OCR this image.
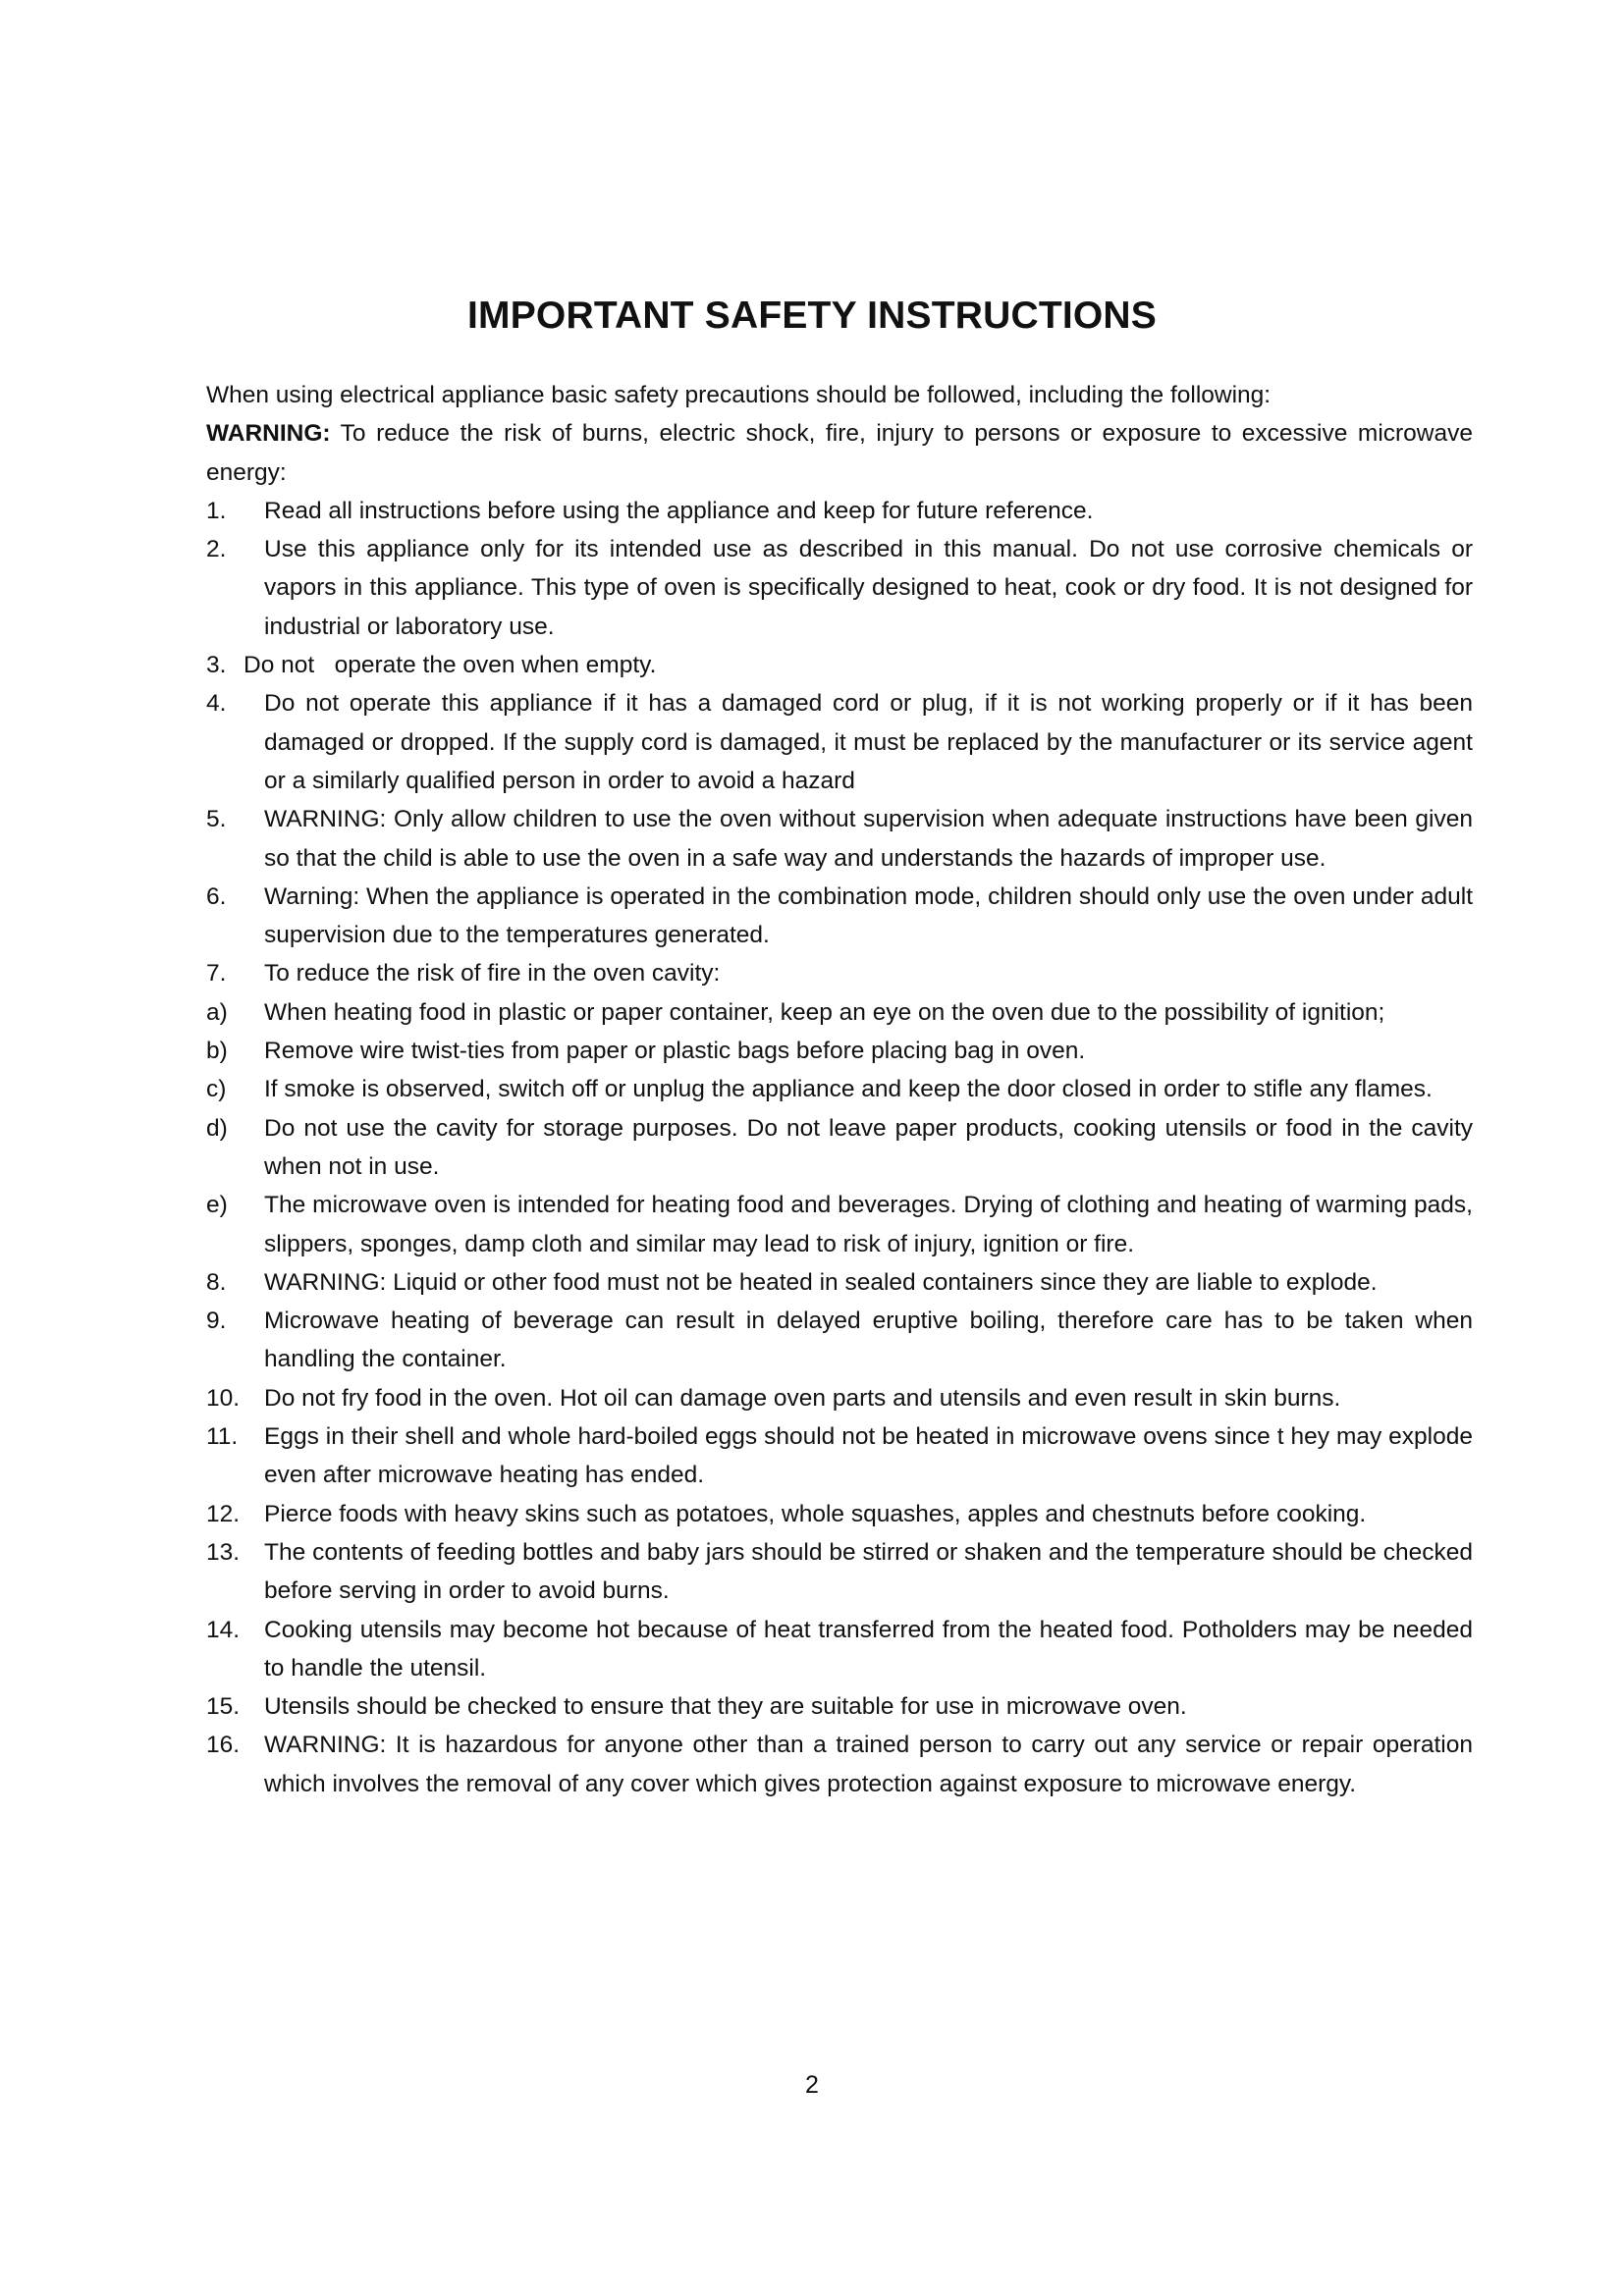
IMPORTANT SAFETY INSTRUCTIONS

When using electrical appliance basic safety precautions should be followed, including the following:

WARNING: To reduce the risk of burns, electric shock, fire, injury to persons or exposure to excessive microwave energy:

1. Read all instructions before using the appliance and keep for future reference.
2. Use this appliance only for its intended use as described in this manual. Do not use corrosive chemicals or vapors in this appliance. This type of oven is specifically designed to heat, cook or dry food. It is not designed for industrial or laboratory use.
3. Do not   operate the oven when empty.
4. Do not operate this appliance if it has a damaged cord or plug, if it is not working properly or if it has been damaged or dropped. If the supply cord is damaged, it must be replaced by the manufacturer or its service agent or a similarly qualified person in order to avoid a hazard
5. WARNING: Only allow children to use the oven without supervision when adequate instructions have been given so that the child is able to use the oven in a safe way and understands the hazards of improper use.
6. Warning: When the appliance is operated in the combination mode, children should only use the oven under adult supervision due to the temperatures generated.
7. To reduce the risk of fire in the oven cavity:
a) When heating food in plastic or paper container, keep an eye on the oven due to the possibility of ignition;
b) Remove wire twist-ties from paper or plastic bags before placing bag in oven.
c) If smoke is observed, switch off or unplug the appliance and keep the door closed in order to stifle any flames.
d) Do not use the cavity for storage purposes. Do not leave paper products, cooking utensils or food in the cavity when not in use.
e) The microwave oven is intended for heating food and beverages. Drying of clothing and heating of warming pads, slippers, sponges, damp cloth and similar may lead to risk of injury, ignition or fire.
8. WARNING: Liquid or other food must not be heated in sealed containers since they are liable to explode.
9. Microwave heating of beverage can result in delayed eruptive boiling, therefore care has to be taken when handling the container.
10. Do not fry food in the oven. Hot oil can damage oven parts and utensils and even result in skin burns.
11. Eggs in their shell and whole hard-boiled eggs should not be heated in microwave ovens since t hey may explode even after microwave heating has ended.
12. Pierce foods with heavy skins such as potatoes, whole squashes, apples and chestnuts before cooking.
13. The contents of feeding bottles and baby jars should be stirred or shaken and the temperature should be checked before serving in order to avoid burns.
14. Cooking utensils may become hot because of heat transferred from the heated food. Potholders may be needed to handle the utensil.
15. Utensils should be checked to ensure that they are suitable for use in microwave oven.
16. WARNING: It is hazardous for anyone other than a trained person to carry out any service or repair operation which involves the removal of any cover which gives protection against exposure to microwave energy.
2
